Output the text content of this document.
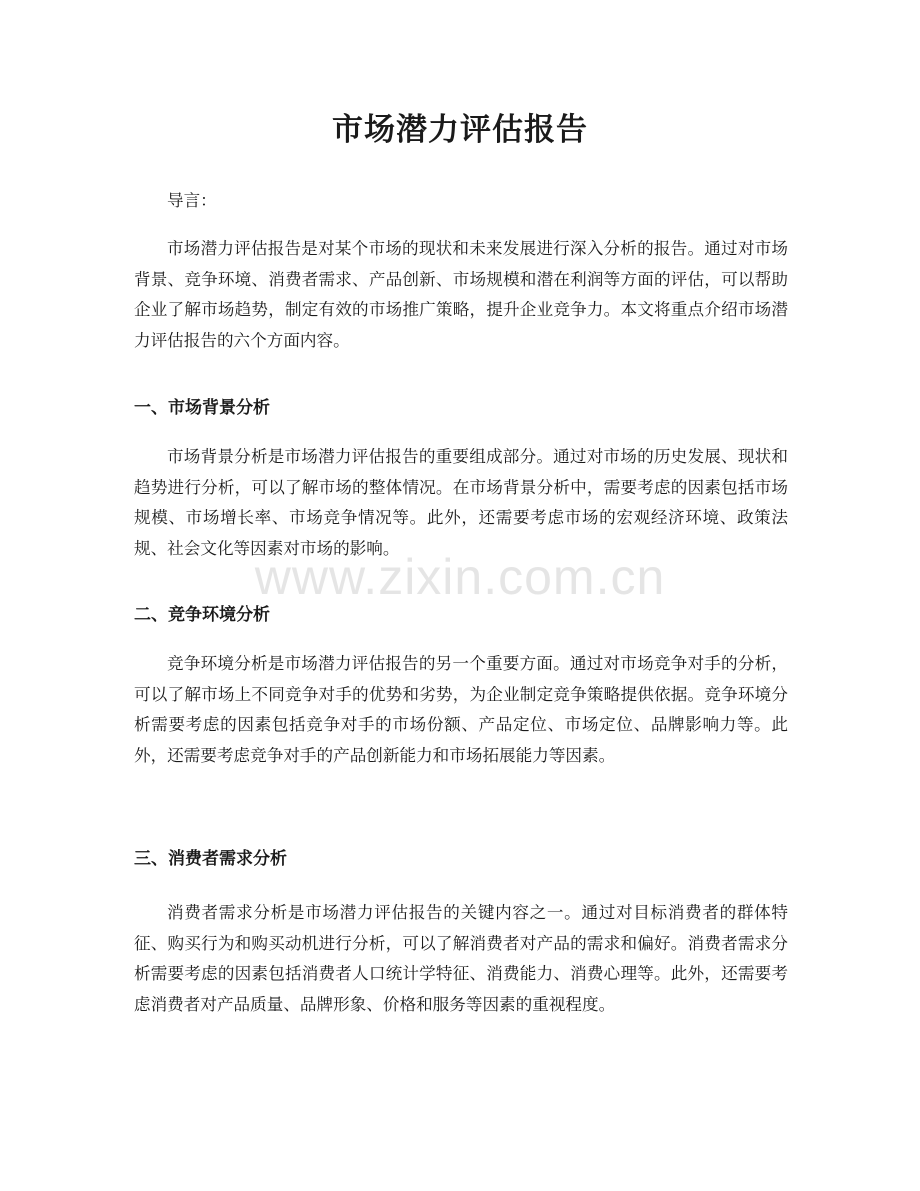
市场潜力评估报告

导言：

市场潜力评估报告是对某个市场的现状和未来发展进行深入分析的报告。通过对市场背景、竞争环境、消费者需求、产品创新、市场规模和潜在利润等方面的评估，可以帮助企业了解市场趋势，制定有效的市场推广策略，提升企业竞争力。本文将重点介绍市场潜力评估报告的六个方面内容。

一、市场背景分析

市场背景分析是市场潜力评估报告的重要组成部分。通过对市场的历史发展、现状和趋势进行分析，可以了解市场的整体情况。在市场背景分析中，需要考虑的因素包括市场规模、市场增长率、市场竞争情况等。此外，还需要考虑市场的宏观经济环境、政策法规、社会文化等因素对市场的影响。

二、竞争环境分析

竞争环境分析是市场潜力评估报告的另一个重要方面。通过对市场竞争对手的分析，可以了解市场上不同竞争对手的优势和劣势，为企业制定竞争策略提供依据。竞争环境分析需要考虑的因素包括竞争对手的市场份额、产品定位、市场定位、品牌影响力等。此外，还需要考虑竞争对手的产品创新能力和市场拓展能力等因素。

三、消费者需求分析

消费者需求分析是市场潜力评估报告的关键内容之一。通过对目标消费者的群体特征、购买行为和购买动机进行分析，可以了解消费者对产品的需求和偏好。消费者需求分析需要考虑的因素包括消费者人口统计学特征、消费能力、消费心理等。此外，还需要考虑消费者对产品质量、品牌形象、价格和服务等因素的重视程度。

www.zixin.com.cn
